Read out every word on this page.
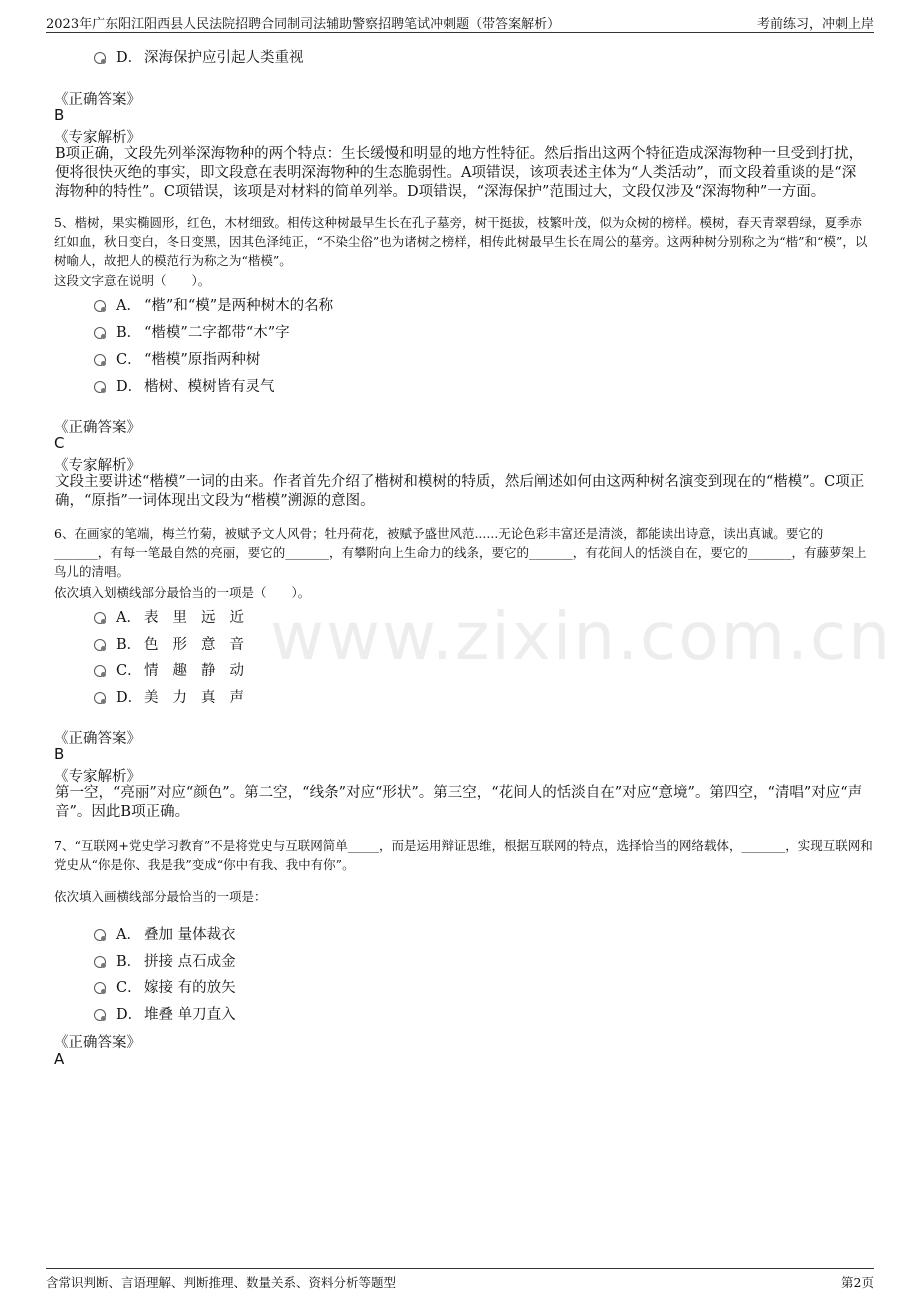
2023年广东阳江阳西县人民法院招聘合同制司法辅助警察招聘笔试冲刺题（带答案解析）	考前练习，冲刺上岸
www.zixin.com.cn
D． 深海保护应引起人类重视
《正确答案》
B
《专家解析》
B项正确，文段先列举深海物种的两个特点：生长缓慢和明显的地方性特征。然后指出这两个特征造成深海物种一旦受到打扰，便将很快灭绝的事实，即文段意在表明深海物种的生态脆弱性。A项错误，该项表述主体为“人类活动”，而文段着重谈的是“深海物种的特性”。C项错误，该项是对材料的简单列举。D项错误，“深海保护”范围过大，文段仅涉及“深海物种”一方面。
5、楷树，果实椭圆形，红色，木材细致。相传这种树最早生长在孔子墓旁，树干挺拔，枝繁叶茂，似为众树的榜样。模树，春天青翠碧绿，夏季赤红如血，秋日变白，冬日变黑，因其色泽纯正，“不染尘俗”也为诸树之榜样，相传此树最早生长在周公的墓旁。这两种树分别称之为“楷”和“模”，以树喻人，故把人的模范行为称之为“楷模”。
这段文字意在说明（　　）。
A． “楷”和“模”是两种树木的名称
B． “楷模”二字都带“木”字
C． “楷模”原指两种树
D． 楷树、模树皆有灵气
《正确答案》
C
《专家解析》
文段主要讲述“楷模”一词的由来。作者首先介绍了楷树和模树的特质，然后阐述如何由这两种树名演变到现在的“楷模”。C项正确，“原指”一词体现出文段为“楷模”溯源的意图。
6、在画家的笔端，梅兰竹菊，被赋予文人风骨；牡丹荷花，被赋予盛世风范......无论色彩丰富还是清淡，都能读出诗意，读出真诚。要它的_______，有每一笔最自然的亮丽，要它的_______，有攀附向上生命力的线条，要它的_______，有花间人的恬淡自在，要它的_______，有藤萝架上鸟儿的清唱。
依次填入划横线部分最恰当的一项是（　　）。
A． 表里远近
B． 色形意音
C． 情趣静动
D． 美力真声
《正确答案》
B
《专家解析》
第一空，“亮丽”对应“颜色”。第二空，“线条”对应“形状”。第三空，“花间人的恬淡自在”对应“意境”。第四空，“清唱”对应“声音”。因此B项正确。
7、“互联网+党史学习教育”不是将党史与互联网简单_____，而是运用辩证思维，根据互联网的特点，选择恰当的网络载体，_______，实现互联网和党史从“你是你、我是我”变成“你中有我、我中有你”。
依次填入画横线部分最恰当的一项是：
A． 叠加 量体裁衣
B． 拼接 点石成金
C． 嫁接 有的放矢
D． 堆叠 单刀直入
《正确答案》
A
含常识判断、言语理解、判断推理、数量关系、资料分析等题型	第2页
